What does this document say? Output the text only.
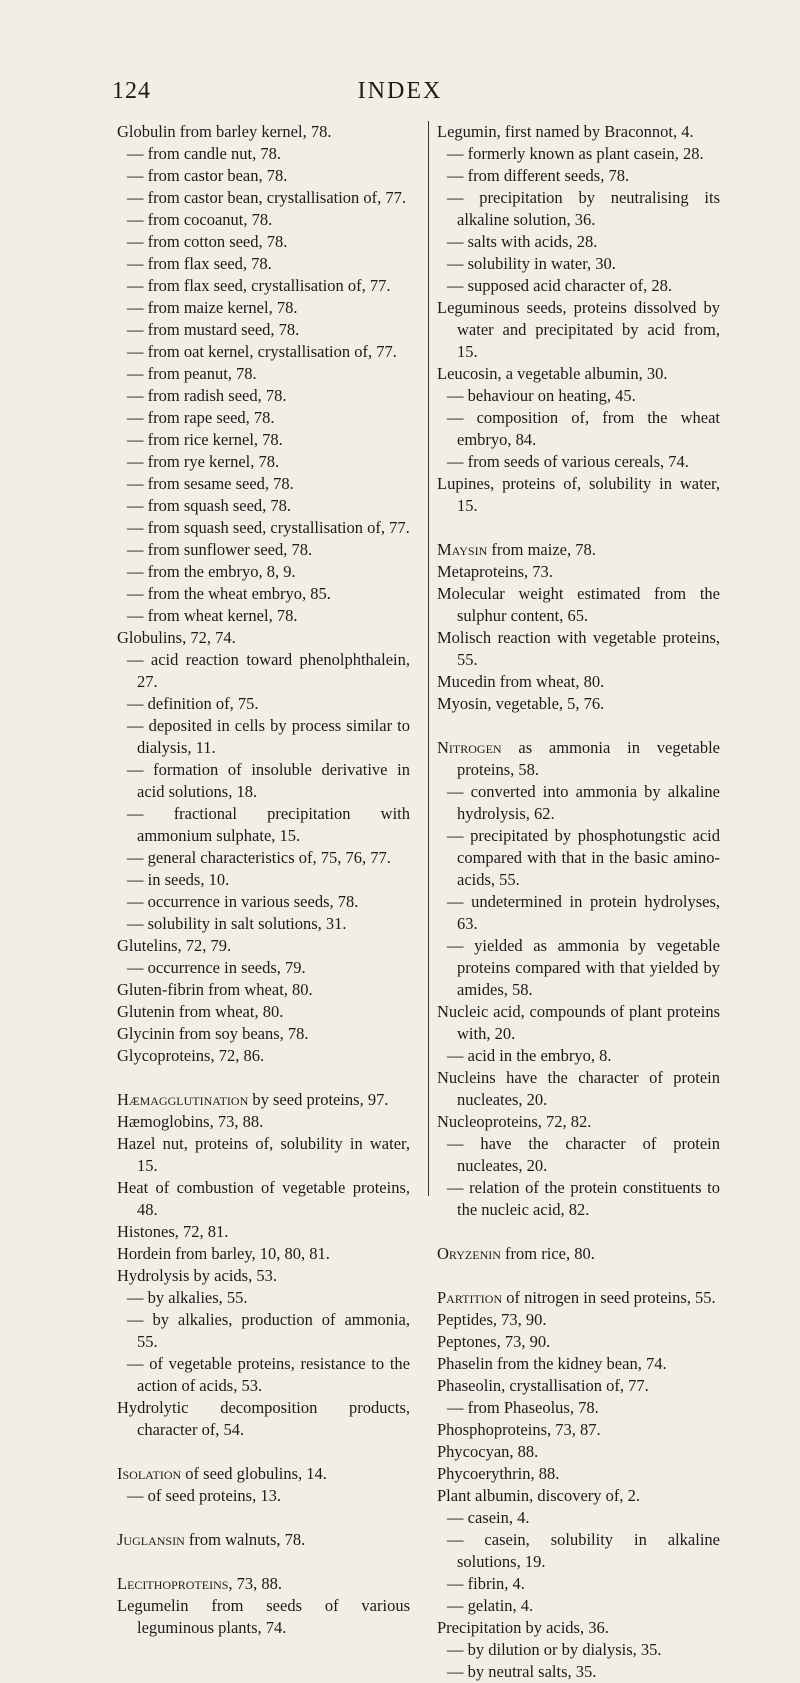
124	INDEX
Globulin from barley kernel, 78.
— from candle nut, 78.
— from castor bean, 78.
— from castor bean, crystallisation of, 77.
— from cocoanut, 78.
— from cotton seed, 78.
— from flax seed, 78.
— from flax seed, crystallisation of, 77.
— from maize kernel, 78.
— from mustard seed, 78.
— from oat kernel, crystallisation of, 77.
— from peanut, 78.
— from radish seed, 78.
— from rape seed, 78.
— from rice kernel, 78.
— from rye kernel, 78.
— from sesame seed, 78.
— from squash seed, 78.
— from squash seed, crystallisation of, 77.
— from sunflower seed, 78.
— from the embryo, 8, 9.
— from the wheat embryo, 85.
— from wheat kernel, 78.
Globulins, 72, 74.
— acid reaction toward phenolphthalein, 27.
— definition of, 75.
— deposited in cells by process similar to dialysis, 11.
— formation of insoluble derivative in acid solutions, 18.
— fractional precipitation with ammonium sulphate, 15.
— general characteristics of, 75, 76, 77.
— in seeds, 10.
— occurrence in various seeds, 78.
— solubility in salt solutions, 31.
Glutelins, 72, 79.
— occurrence in seeds, 79.
Gluten-fibrin from wheat, 80.
Glutenin from wheat, 80.
Glycinin from soy beans, 78.
Glycoproteins, 72, 86.
Hæmagglutination by seed proteins, 97.
Hæmoglobins, 73, 88.
Hazel nut, proteins of, solubility in water, 15.
Heat of combustion of vegetable proteins, 48.
Histones, 72, 81.
Hordein from barley, 10, 80, 81.
Hydrolysis by acids, 53.
— by alkalies, 55.
— by alkalies, production of ammonia, 55.
— of vegetable proteins, resistance to the action of acids, 53.
Hydrolytic decomposition products, character of, 54.
Isolation of seed globulins, 14.
— of seed proteins, 13.
Juglansin from walnuts, 78.
Lecithoproteins, 73, 88.
Legumelin from seeds of various leguminous plants, 74.
Legumin, first named by Braconnot, 4.
— formerly known as plant casein, 28.
— from different seeds, 78.
— precipitation by neutralising its alkaline solution, 36.
— salts with acids, 28.
— solubility in water, 30.
— supposed acid character of, 28.
Leguminous seeds, proteins dissolved by water and precipitated by acid from, 15.
Leucosin, a vegetable albumin, 30.
— behaviour on heating, 45.
— composition of, from the wheat embryo, 84.
— from seeds of various cereals, 74.
Lupines, proteins of, solubility in water, 15.
Maysin from maize, 78.
Metaproteins, 73.
Molecular weight estimated from the sulphur content, 65.
Molisch reaction with vegetable proteins, 55.
Mucedin from wheat, 80.
Myosin, vegetable, 5, 76.
Nitrogen as ammonia in vegetable proteins, 58.
— converted into ammonia by alkaline hydrolysis, 62.
— precipitated by phosphotungstic acid compared with that in the basic amino-acids, 55.
— undetermined in protein hydrolyses, 63.
— yielded as ammonia by vegetable proteins compared with that yielded by amides, 58.
Nucleic acid, compounds of plant proteins with, 20.
— acid in the embryo, 8.
Nucleins have the character of protein nucleates, 20.
Nucleoproteins, 72, 82.
— have the character of protein nucleates, 20.
— relation of the protein constituents to the nucleic acid, 82.
Oryzenin from rice, 80.
Partition of nitrogen in seed proteins, 55.
Peptides, 73, 90.
Peptones, 73, 90.
Phaselin from the kidney bean, 74.
Phaseolin, crystallisation of, 77.
— from Phaseolus, 78.
Phosphoproteins, 73, 87.
Phycocyan, 88.
Phycoerythrin, 88.
Plant albumin, discovery of, 2.
— casein, 4.
— casein, solubility in alkaline solutions, 19.
— fibrin, 4.
— gelatin, 4.
Precipitation by acids, 36.
— by dilution or by dialysis, 35.
— by neutral salts, 35.
